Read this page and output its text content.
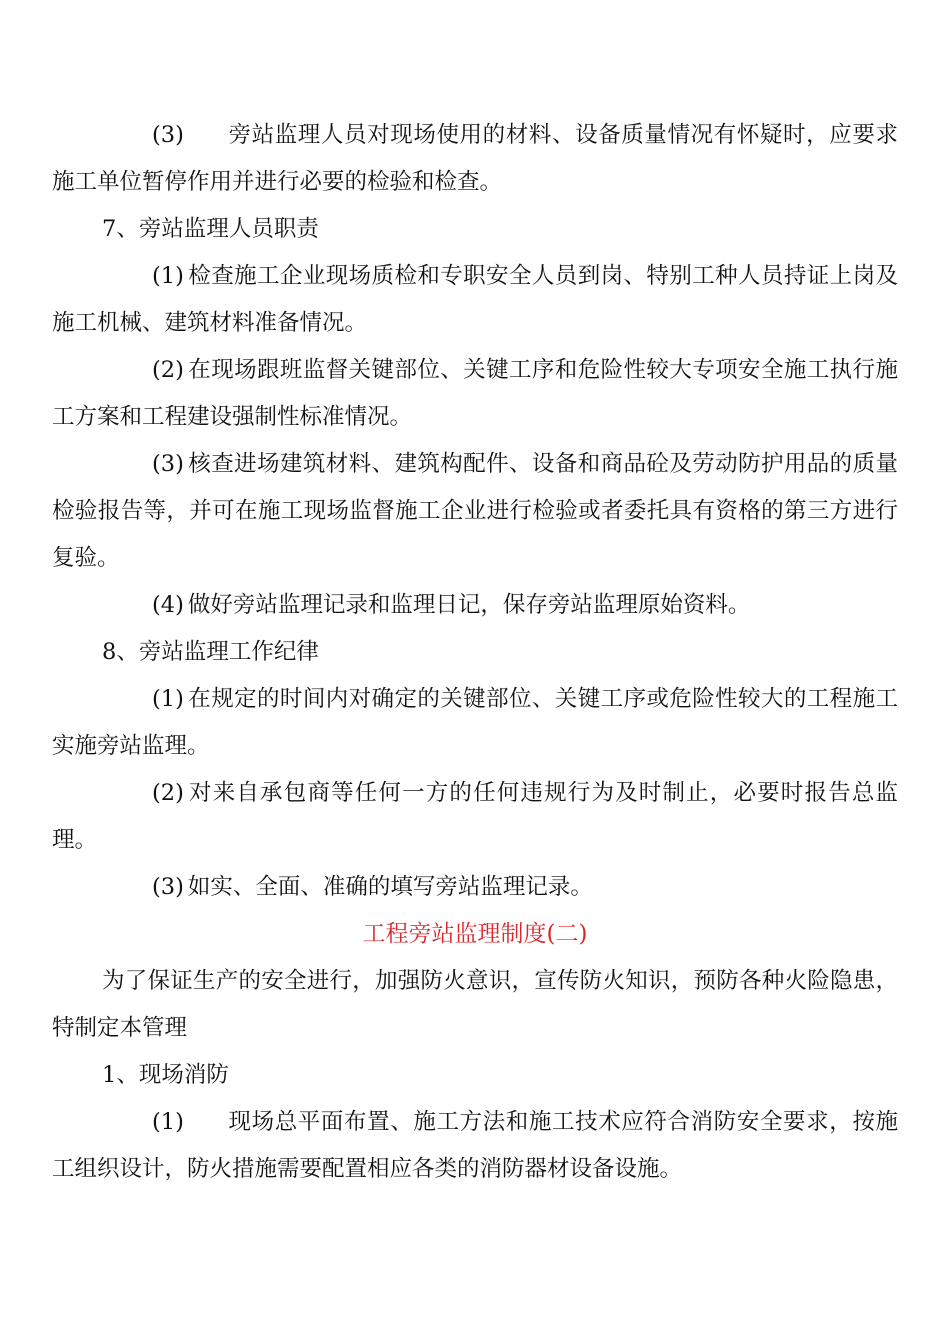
(3) 旁站监理人员对现场使用的材料、设备质量情况有怀疑时，应要求施工单位暂停作用并进行必要的检验和检查。

7、旁站监理人员职责

(1) 检查施工企业现场质检和专职安全人员到岗、特别工种人员持证上岗及施工机械、建筑材料准备情况。

(2) 在现场跟班监督关键部位、关键工序和危险性较大专项安全施工执行施工方案和工程建设强制性标准情况。

(3) 核查进场建筑材料、建筑构配件、设备和商品砼及劳动防护用品的质量检验报告等，并可在施工现场监督施工企业进行检验或者委托具有资格的第三方进行复验。

(4) 做好旁站监理记录和监理日记，保存旁站监理原始资料。

8、旁站监理工作纪律

(1) 在规定的时间内对确定的关键部位、关键工序或危险性较大的工程施工实施旁站监理。

(2) 对来自承包商等任何一方的任何违规行为及时制止，必要时报告总监理。

(3) 如实、全面、准确的填写旁站监理记录。

工程旁站监理制度(二)

为了保证生产的安全进行，加强防火意识，宣传防火知识，预防各种火险隐患，特制定本管理

1、现场消防

(1) 现场总平面布置、施工方法和施工技术应符合消防安全要求，按施工组织设计，防火措施需要配置相应各类的消防器材设备设施。
